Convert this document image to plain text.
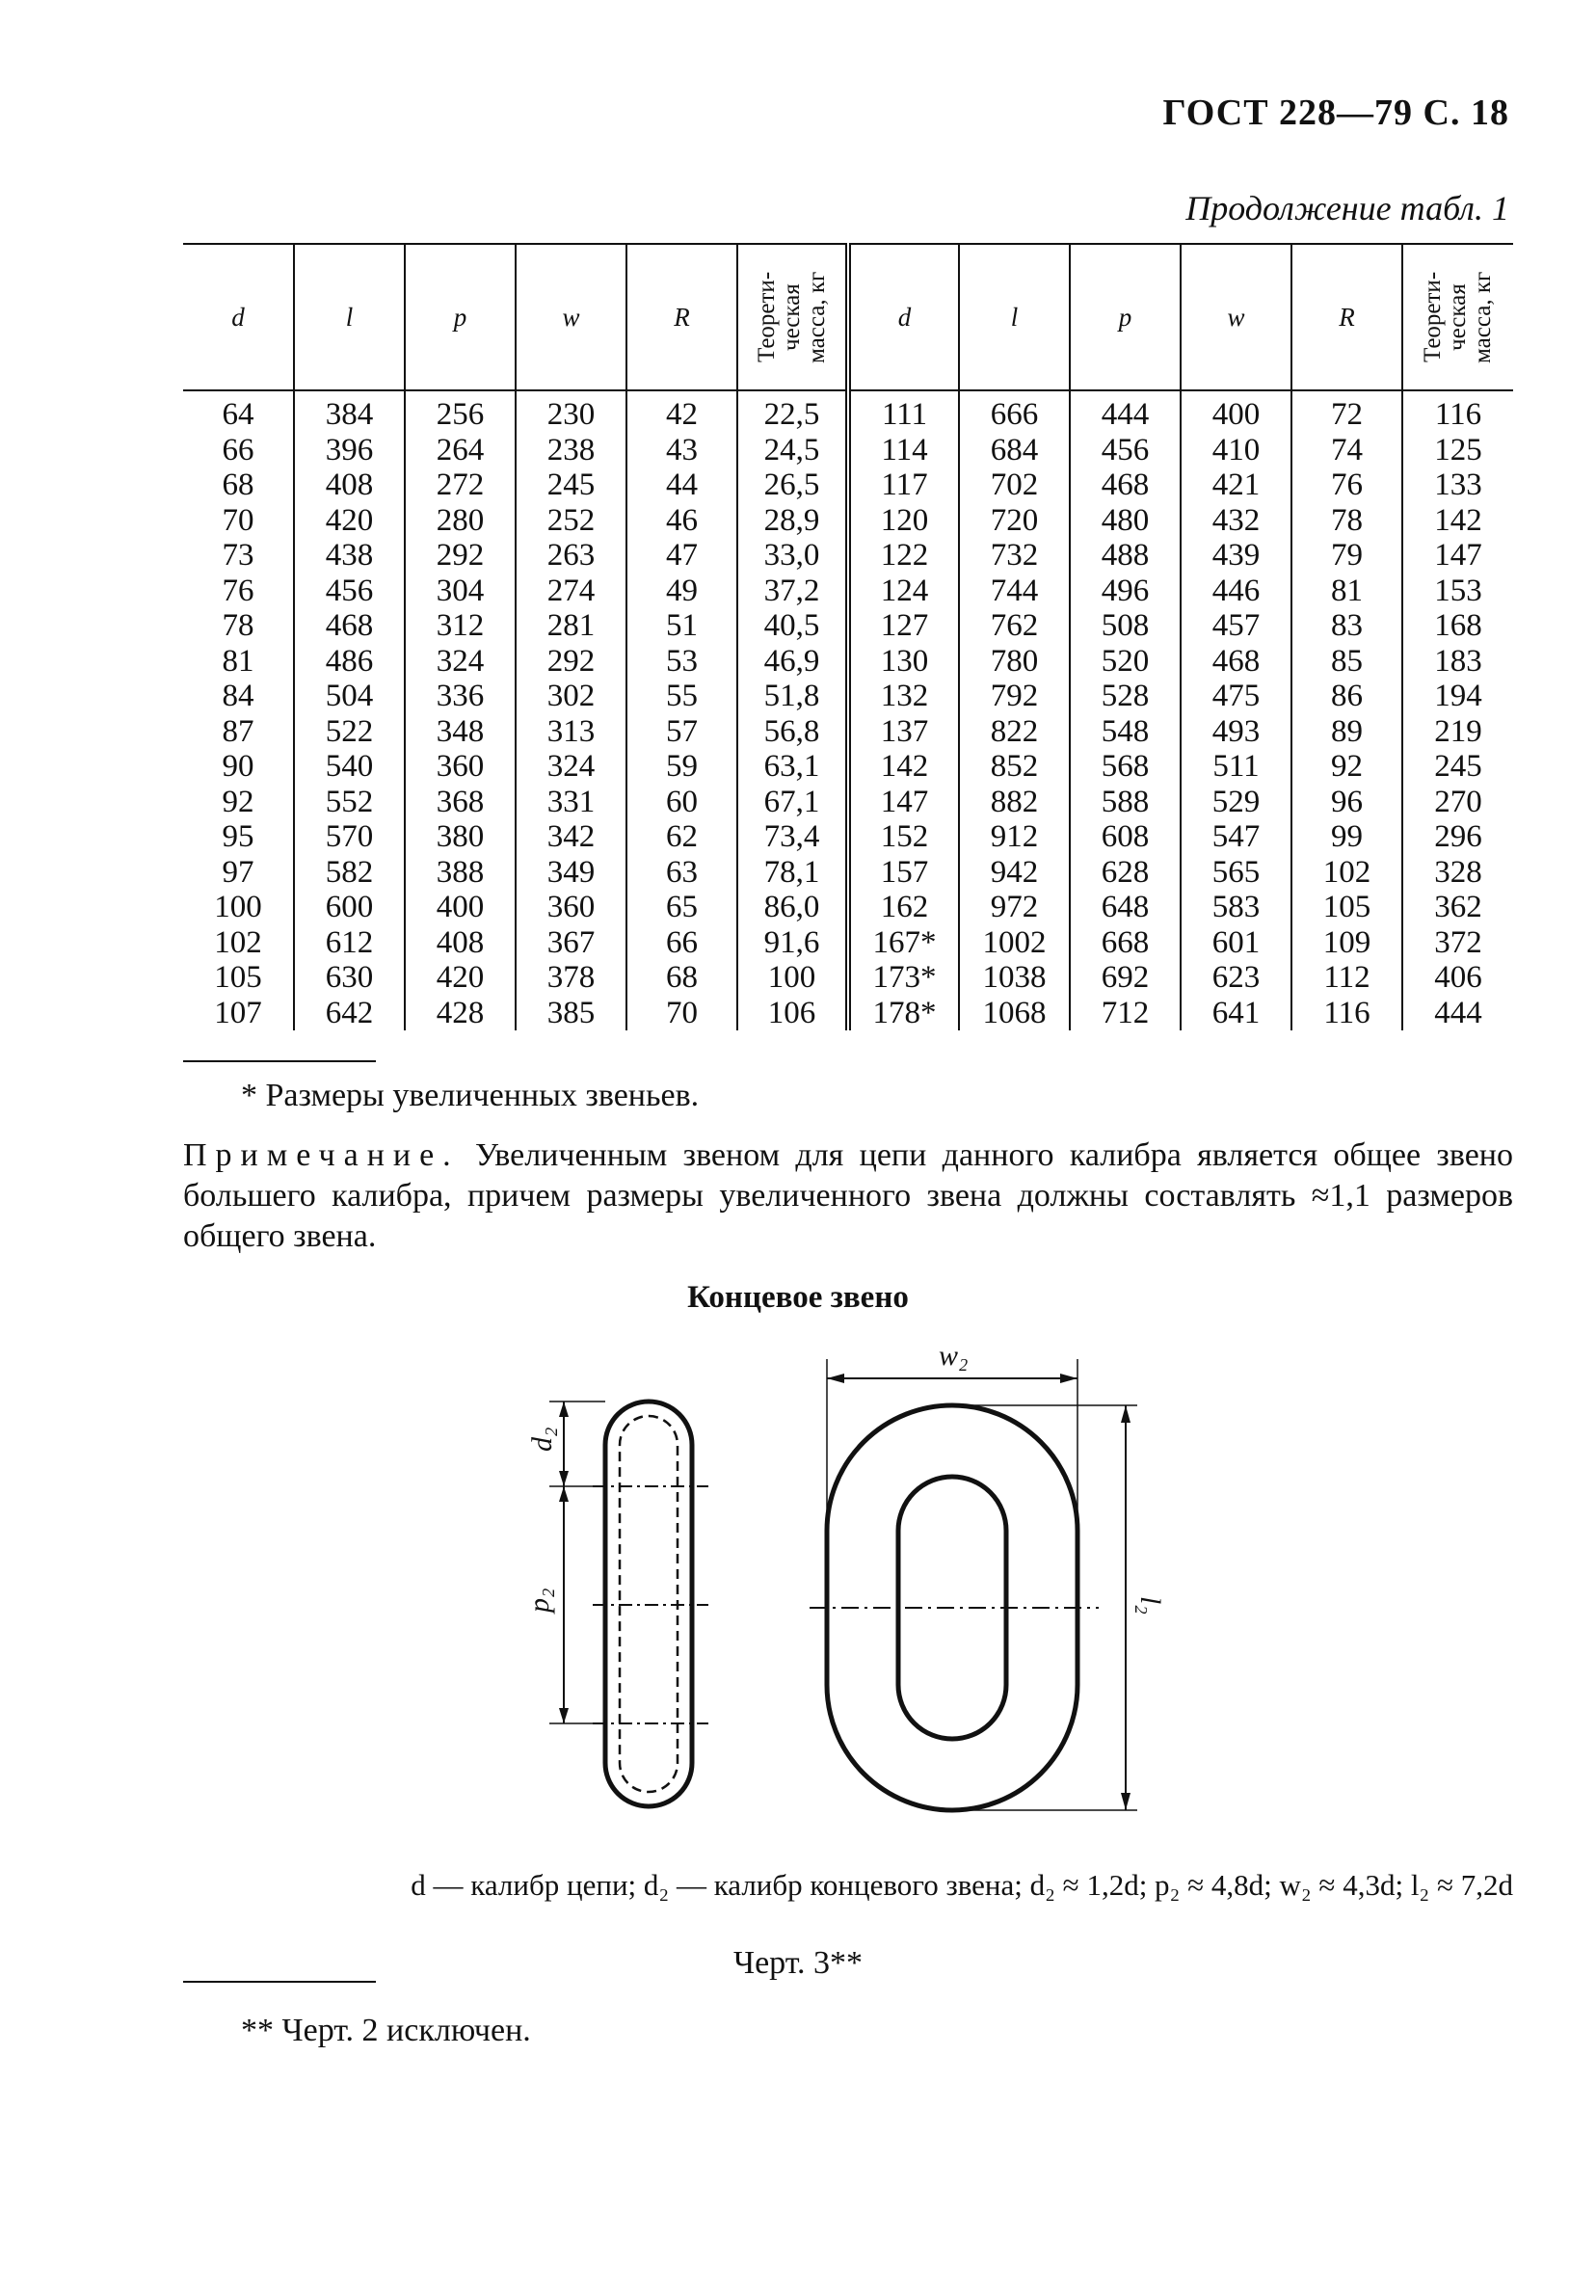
ГОСТ 228—79 С. 18
Продолжение табл. 1
d	l	p	w	R	Теорети-ческая масса, кг	d	l	p	w	R	Теорети-ческая масса, кг

64	384	256	230	42	22,5	111	666	444	400	72	116
66	396	264	238	43	24,5	114	684	456	410	74	125
68	408	272	245	44	26,5	117	702	468	421	76	133
70	420	280	252	46	28,9	120	720	480	432	78	142
73	438	292	263	47	33,0	122	732	488	439	79	147
76	456	304	274	49	37,2	124	744	496	446	81	153
78	468	312	281	51	40,5	127	762	508	457	83	168
81	486	324	292	53	46,9	130	780	520	468	85	183
84	504	336	302	55	51,8	132	792	528	475	86	194
87	522	348	313	57	56,8	137	822	548	493	89	219
90	540	360	324	59	63,1	142	852	568	511	92	245
92	552	368	331	60	67,1	147	882	588	529	96	270
95	570	380	342	62	73,4	152	912	608	547	99	296
97	582	388	349	63	78,1	157	942	628	565	102	328
100	600	400	360	65	86,0	162	972	648	583	105	362
102	612	408	367	66	91,6	167*	1002	668	601	109	372
105	630	420	378	68	100	173*	1038	692	623	112	406
107	642	428	385	70	106	178*	1068	712	641	116	444
* Размеры увеличенных звеньев.
Примечание. Увеличенным звеном для цепи данного калибра является общее звено большего калибра, причем размеры увеличенного звена должны составлять ≈1,1 размеров общего звена.
Концевое звено
w₂
d₂
p₂	l₂
d — калибр цепи; d₂ — калибр концевого звена; d₂ ≈ 1,2d; p₂ ≈ 4,8d; w₂ ≈ 4,3d; l₂ ≈ 7,2d
Черт. 3**
** Черт. 2 исключен.
